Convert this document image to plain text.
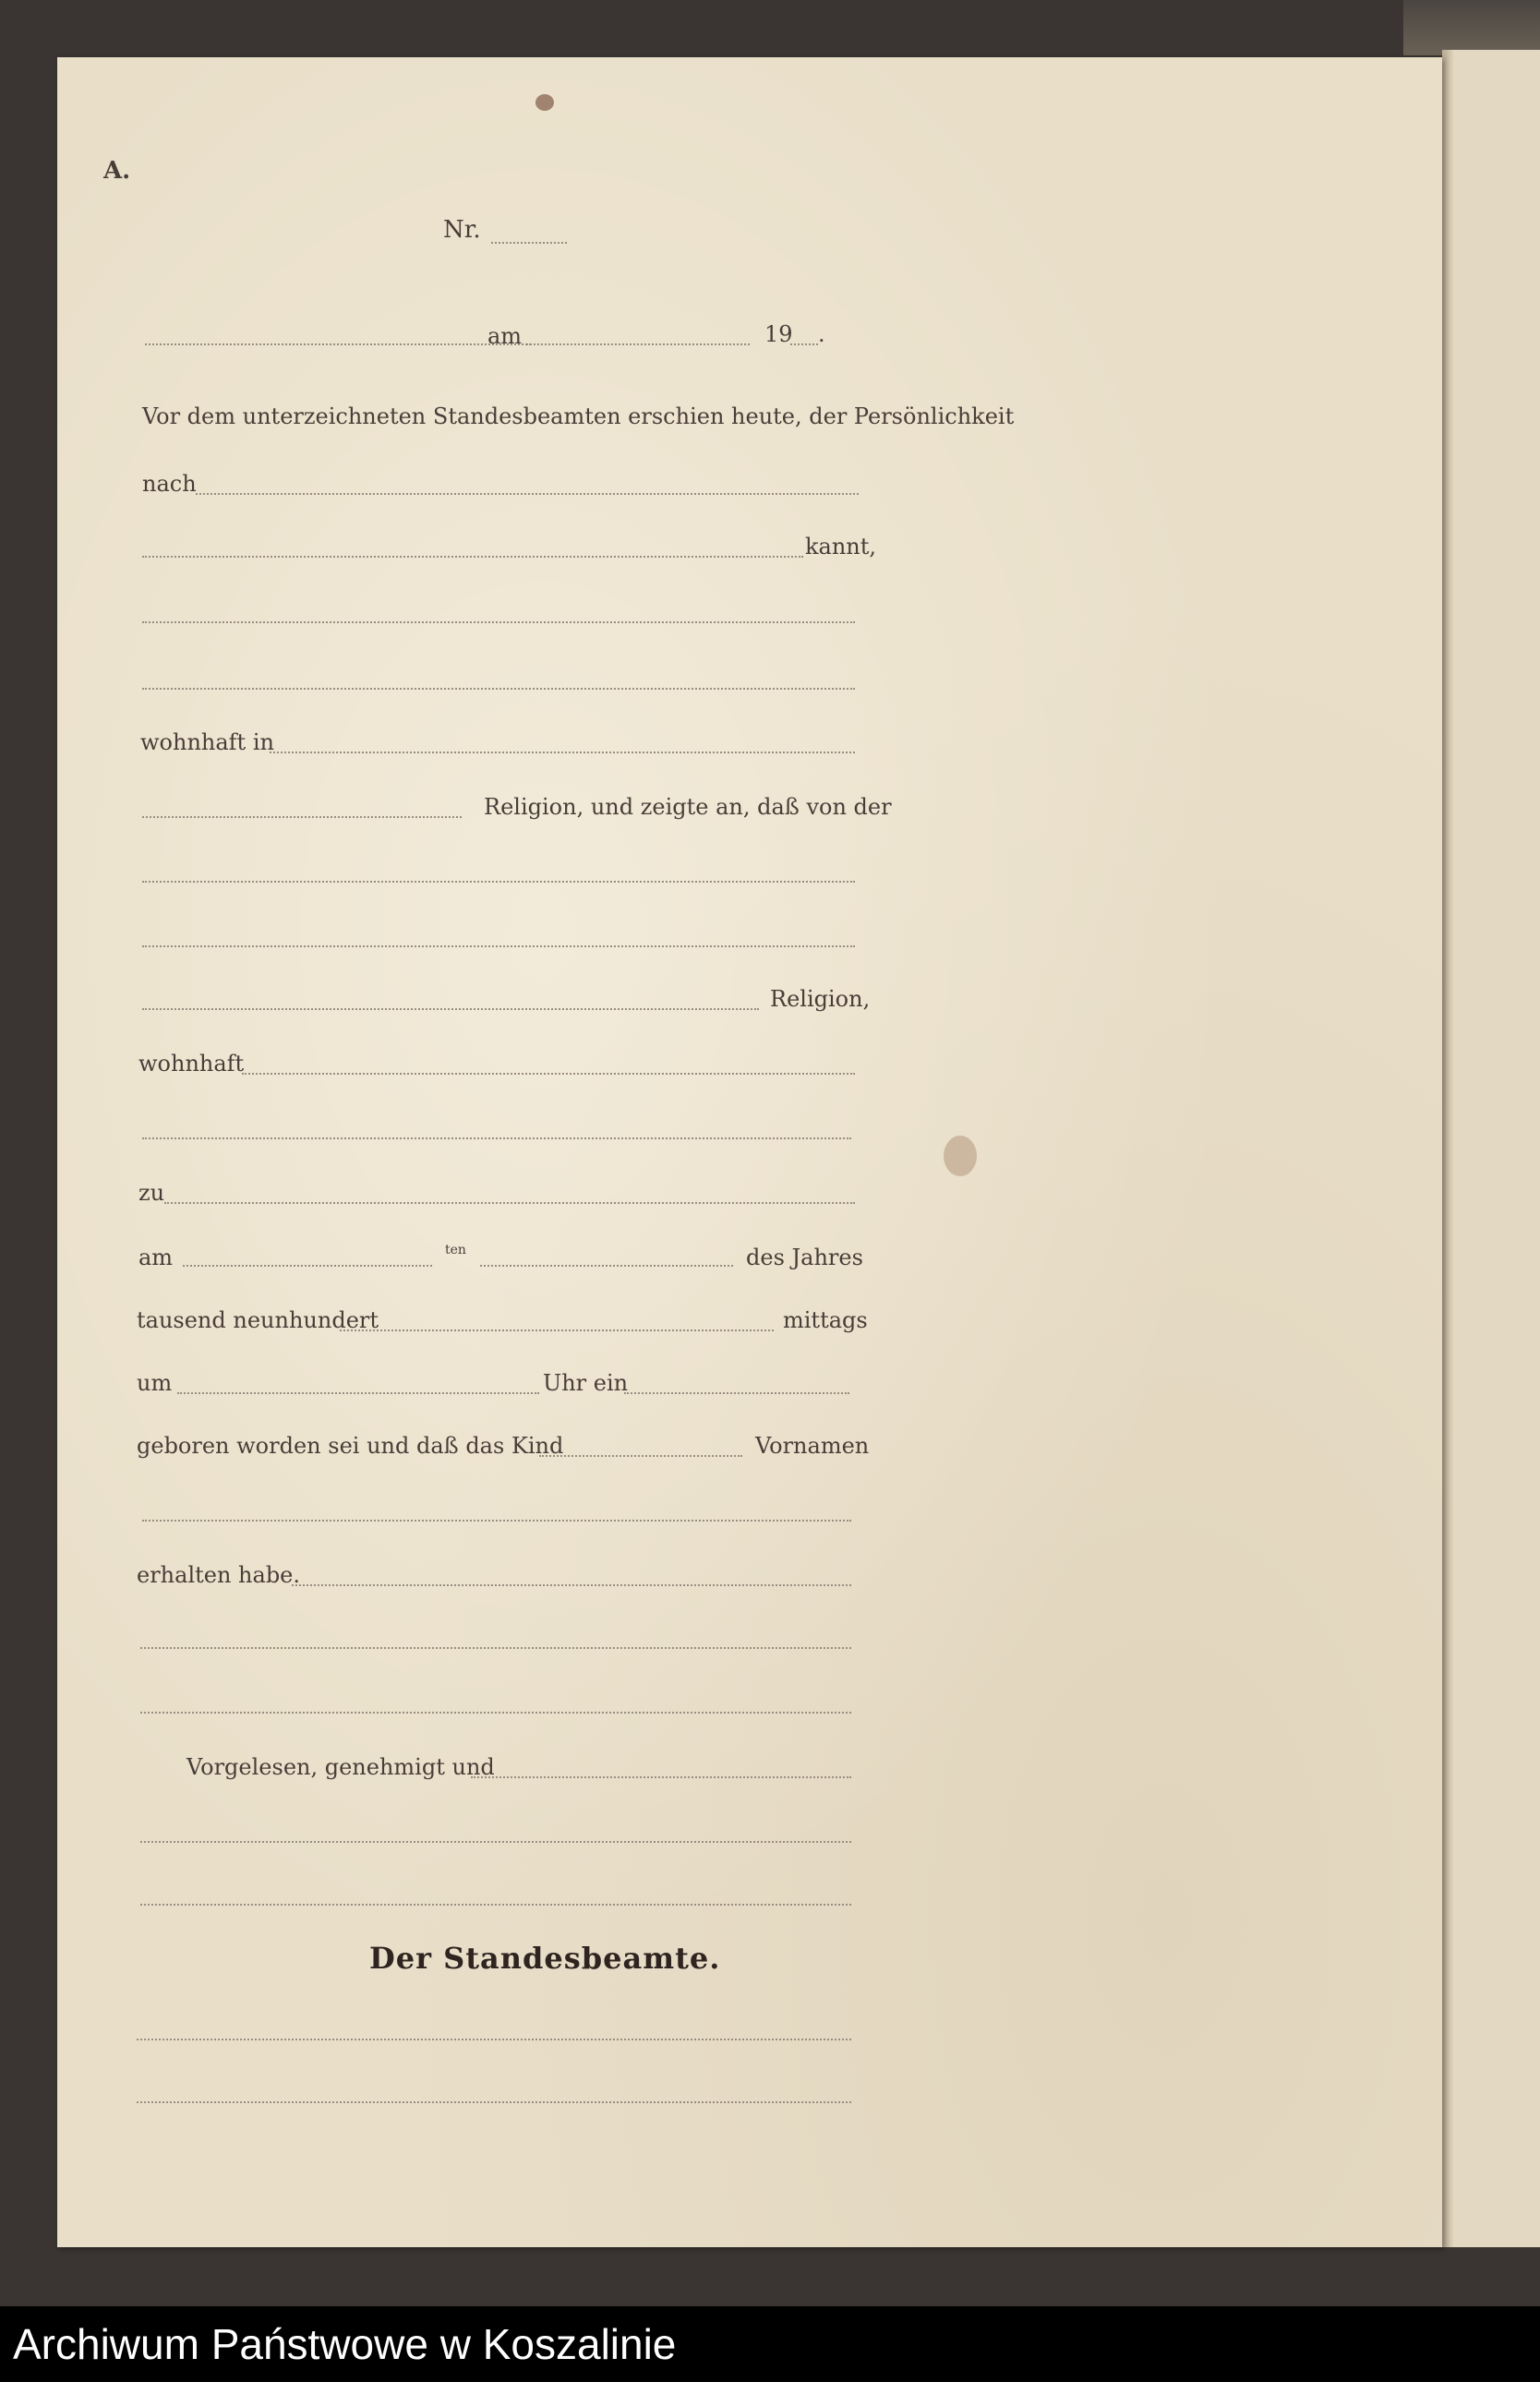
A.
Nr.
am	19 .
Vor dem unterzeichneten Standesbeamten erschien heute, der Persönlichkeit
nach
kannt,
wohnhaft in
Religion, und zeigte an, daß von der
Religion,
wohnhaft
zu
am	ten	des Jahres
tausend neunhundert	mittags
um	Uhr ein
geboren worden sei und daß das Kind	Vornamen
erhalten habe.
Vorgelesen, genehmigt und
Der Standesbeamte.
Archiwum Państwowe w Koszalinie
